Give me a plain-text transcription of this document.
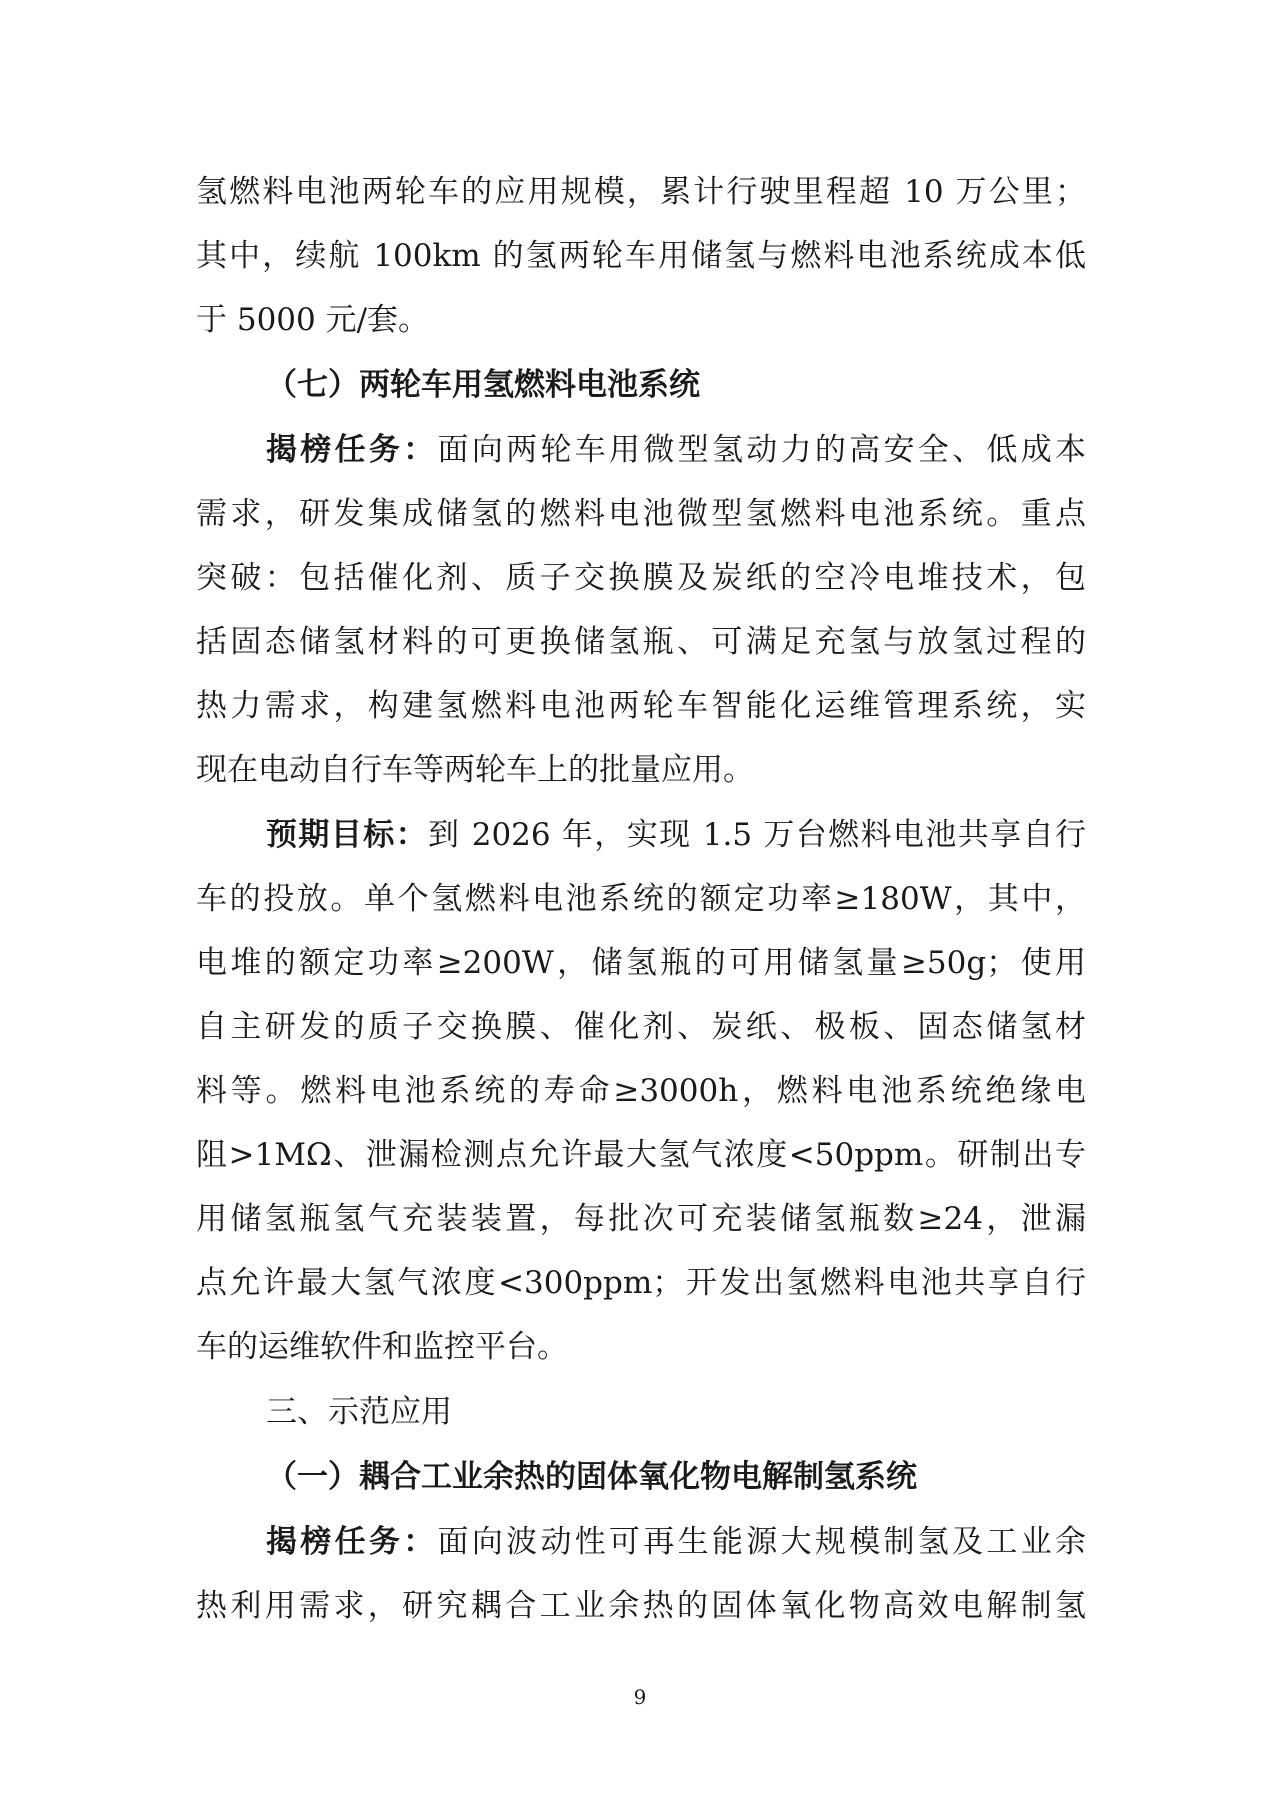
氢燃料电池两轮车的应用规模，累计行驶里程超 10 万公里；
其中，续航 100km 的氢两轮车用储氢与燃料电池系统成本低
于 5000 元/套。
（七）两轮车用氢燃料电池系统
揭榜任务：面向两轮车用微型氢动力的高安全、低成本
需求，研发集成储氢的燃料电池微型氢燃料电池系统。重点
突破：包括催化剂、质子交换膜及炭纸的空冷电堆技术，包
括固态储氢材料的可更换储氢瓶、可满足充氢与放氢过程的
热力需求，构建氢燃料电池两轮车智能化运维管理系统，实
现在电动自行车等两轮车上的批量应用。
预期目标：到 2026 年，实现 1.5 万台燃料电池共享自行
车的投放。单个氢燃料电池系统的额定功率≥180W，其中，
电堆的额定功率≥200W，储氢瓶的可用储氢量≥50g；使用
自主研发的质子交换膜、催化剂、炭纸、极板、固态储氢材
料等。燃料电池系统的寿命≥3000h，燃料电池系统绝缘电
阻>1MΩ、泄漏检测点允许最大氢气浓度<50ppm。研制出专
用储氢瓶氢气充装装置，每批次可充装储氢瓶数≥24，泄漏
点允许最大氢气浓度<300ppm；开发出氢燃料电池共享自行
车的运维软件和监控平台。
三、示范应用
（一）耦合工业余热的固体氧化物电解制氢系统
揭榜任务：面向波动性可再生能源大规模制氢及工业余
热利用需求，研究耦合工业余热的固体氧化物高效电解制氢
9
